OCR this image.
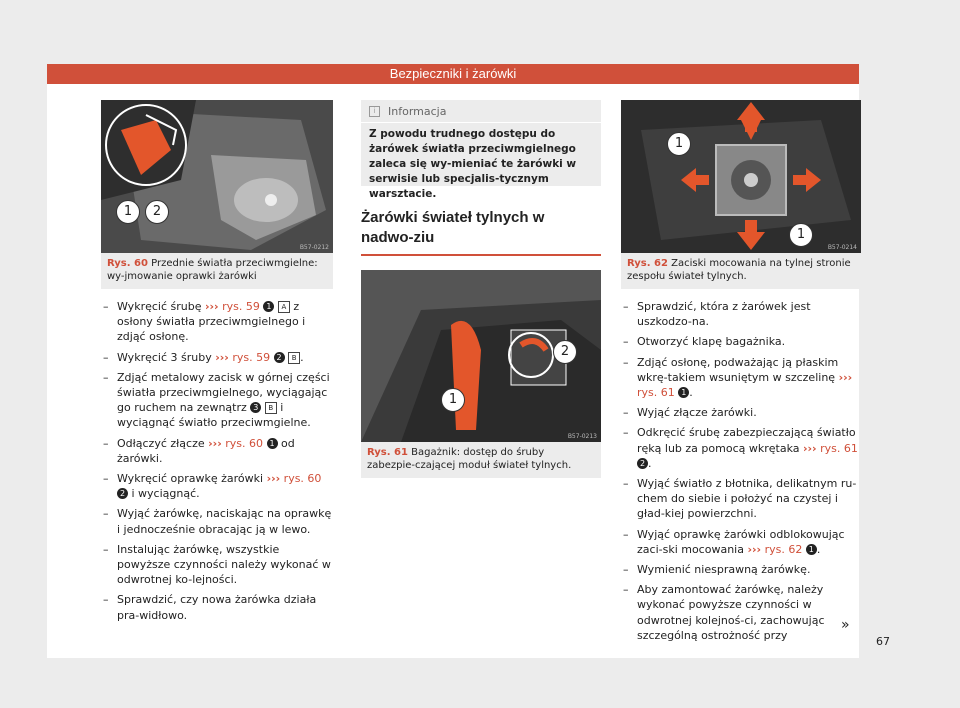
Bezpieczniki i żarówki
1	2
B57-0212
Rys. 60 Przednie światła przeciwmgielne: wy-jmowanie oprawki żarówki
– Wykręcić śrubę ››› rys. 59 1 A z osłony światła przeciwmgielnego i zdjąć osłonę.
– Wykręcić 3 śruby ››› rys. 59 2 B .
– Zdjąć metalowy zacisk w górnej części światła przeciwmgielnego, wyciągając go ruchem na zewnątrz 3 B i wyciągnąć światło przeciwmgielne.
– Odłączyć złącze ››› rys. 60 1 od żarówki.
– Wykręcić oprawkę żarówki ››› rys. 60 2 i wyciągnąć.
– Wyjąć żarówkę, naciskając na oprawkę i jednocześnie obracając ją w lewo.
– Instalując żarówkę, wszystkie powyższe czynności należy wykonać w odwrotnej ko-lejności.
– Sprawdzić, czy nowa żarówka działa pra-widłowo.
i	Informacja
Z powodu trudnego dostępu do żarówek światła przeciwmgielnego zaleca się wy-mieniać te żarówki w serwisie lub specjalis-tycznym warsztacie.
Żarówki świateł tylnych w nadwo-ziu
1
2
B57-0213
Rys. 61 Bagażnik: dostęp do śruby zabezpie-czającej moduł świateł tylnych.
1
1
B57-0214
Rys. 62 Zaciski mocowania na tylnej stronie zespołu świateł tylnych.
– Sprawdzić, która z żarówek jest uszkodzo-na.
– Otworzyć klapę bagażnika.
– Zdjąć osłonę, podważając ją płaskim wkrę-takiem wsuniętym w szczelinę ››› rys. 61 1 .
– Wyjąć złącze żarówki.
– Odkręcić śrubę zabezpieczającą światło ręką lub za pomocą wkrętaka ››› rys. 61 2 .
– Wyjąć światło z błotnika, delikatnym ru-chem do siebie i położyć na czystej i gład-kiej powierzchni.
– Wyjąć oprawkę żarówki odblokowując zaci-ski mocowania ››› rys. 62 1 .
– Wymienić niesprawną żarówkę.
– Aby zamontować żarówkę, należy wykonać powyższe czynności w odwrotnej kolejnoś-ci, zachowując szczególną ostrożność przy
»
67
